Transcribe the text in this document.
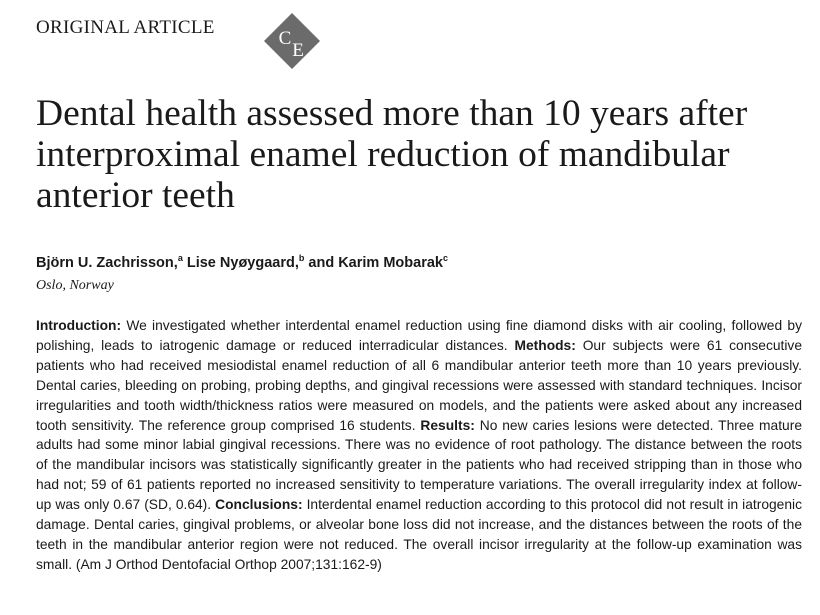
ORIGINAL ARTICLE
C
E
Dental health assessed more than 10 years after interproximal enamel reduction of mandibular anterior teeth
Björn U. Zachrisson,$^a$ Lise Nyøygaard,$^b$ and Karim Mobarak$^c$
Oslo, Norway

Introduction: We investigated whether interdental enamel reduction using fine diamond disks with air cooling, followed by polishing, leads to iatrogenic damage or reduced interradicular distances. Methods: Our subjects were 61 consecutive patients who had received mesiodistal enamel reduction of all 6 mandibular anterior teeth more than 10 years previously. Dental caries, bleeding on probing, probing depths, and gingival recessions were assessed with standard techniques. Incisor irregularities and tooth width/thickness ratios were measured on models, and the patients were asked about any increased tooth sensitivity. The reference group comprised 16 students. Results: No new caries lesions were detected. Three mature adults had some minor labial gingival recessions. There was no evidence of root pathology. The distance between the roots of the mandibular incisors was statistically significantly greater in the patients who had received stripping than in those who had not; 59 of 61 patients reported no increased sensitivity to temperature variations. The overall irregularity index at follow-up was only 0.67 (SD, 0.64). Conclusions: Interdental enamel reduction according to this protocol did not result in iatrogenic damage. Dental caries, gingival problems, or alveolar bone loss did not increase, and the distances between the roots of the teeth in the mandibular anterior region were not reduced. The overall incisor irregularity at the follow-up examination was small. (Am J Orthod Dentofacial Orthop 2007;131:162-9)
